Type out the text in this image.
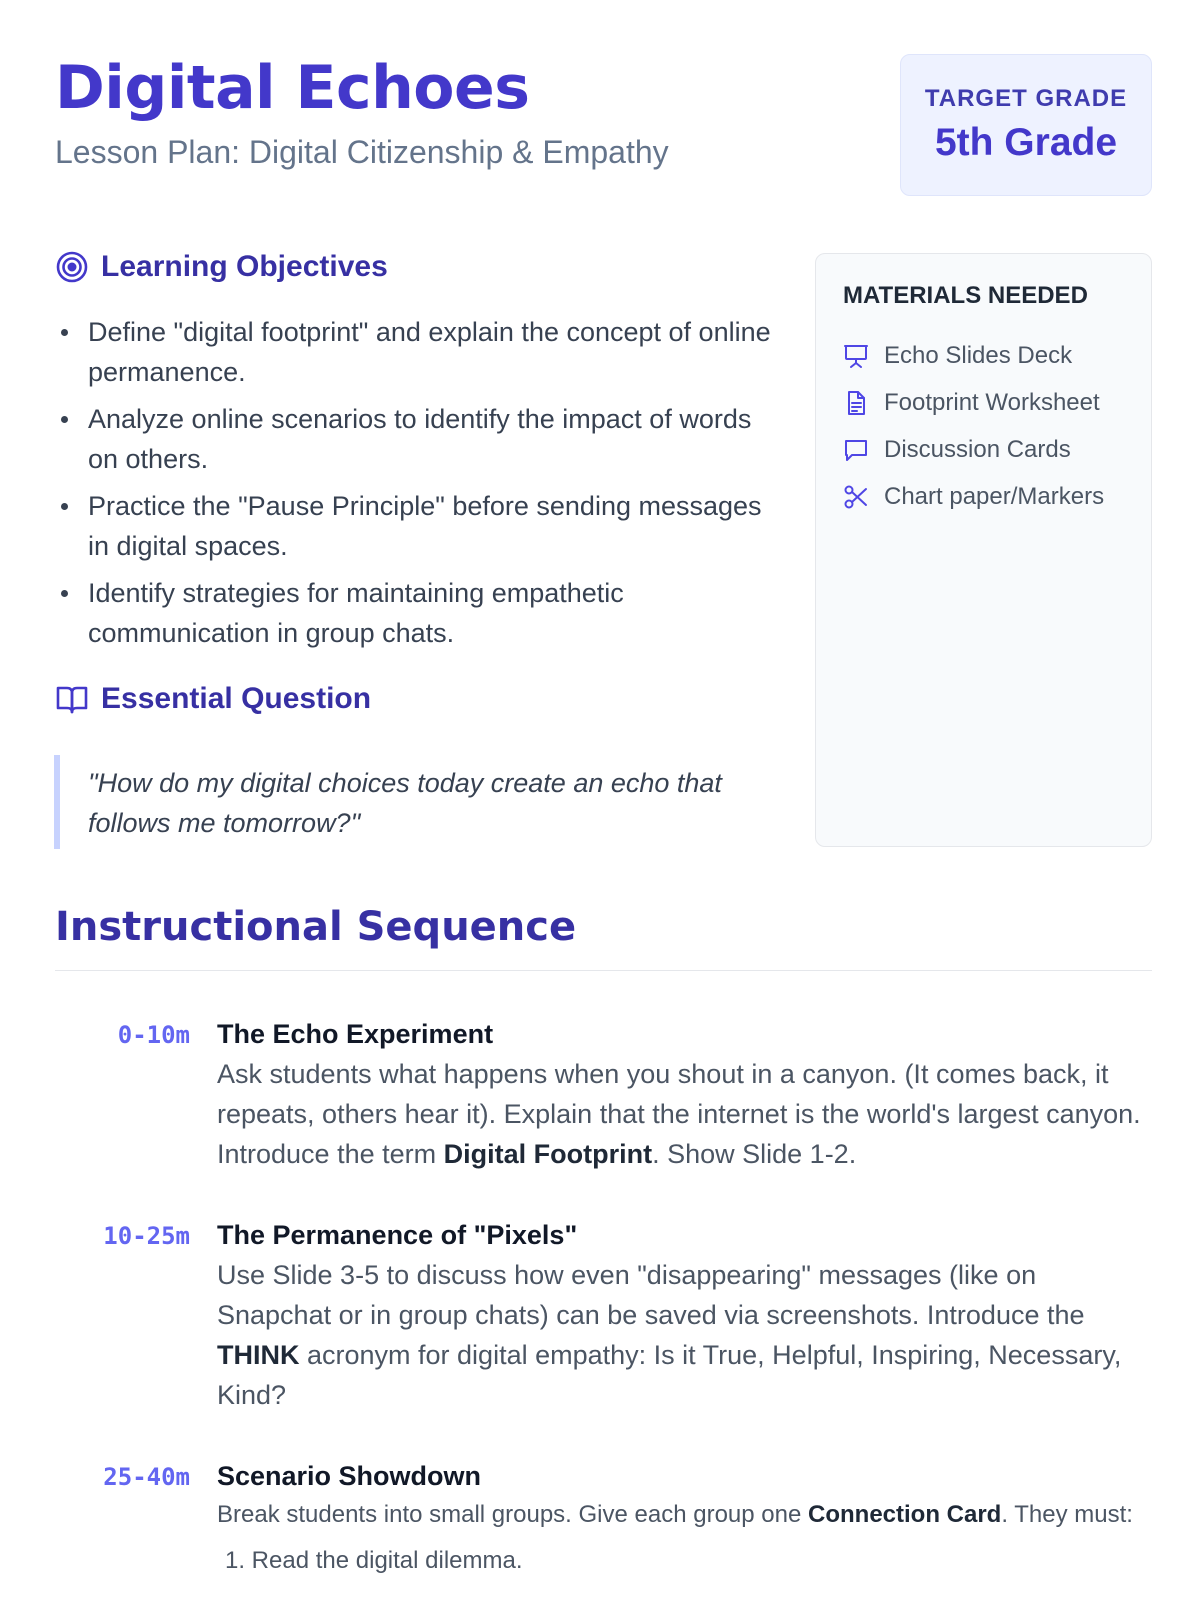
Digital Echoes
Lesson Plan: Digital Citizenship & Empathy
TARGET GRADE
5th Grade
Learning Objectives
Define "digital footprint" and explain the concept of online permanence.
Analyze online scenarios to identify the impact of words on others.
Practice the "Pause Principle" before sending messages in digital spaces.
Identify strategies for maintaining empathetic communication in group chats.
Essential Question
"How do my digital choices today create an echo that follows me tomorrow?"
MATERIALS NEEDED
Echo Slides Deck
Footprint Worksheet
Discussion Cards
Chart paper/Markers
Instructional Sequence
0-10m The Echo Experiment
Ask students what happens when you shout in a canyon. (It comes back, it repeats, others hear it). Explain that the internet is the world's largest canyon. Introduce the term Digital Footprint. Show Slide 1-2.
10-25m The Permanence of "Pixels"
Use Slide 3-5 to discuss how even "disappearing" messages (like on Snapchat or in group chats) can be saved via screenshots. Introduce the THINK acronym for digital empathy: Is it True, Helpful, Inspiring, Necessary, Kind?
25-40m Scenario Showdown
Break students into small groups. Give each group one Connection Card. They must:
1. Read the digital dilemma.
